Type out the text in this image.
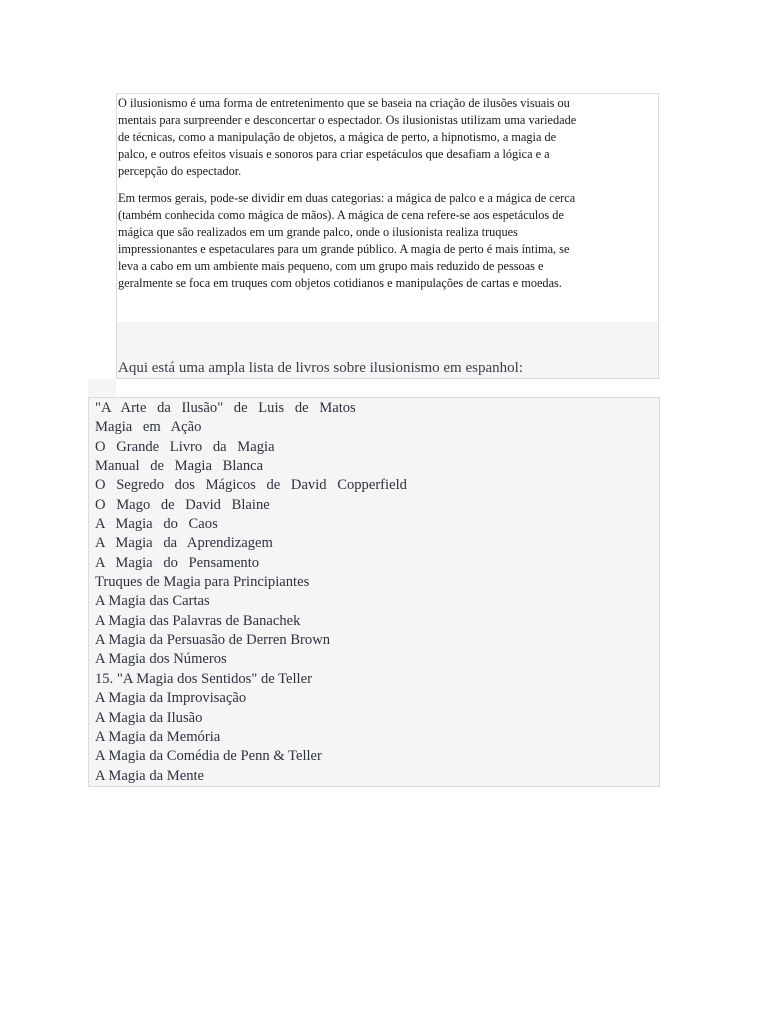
O ilusionismo é uma forma de entretenimento que se baseia na criação de ilusões visuais ou mentais para surpreender e desconcertar o espectador. Os ilusionistas utilizam uma variedade de técnicas, como a manipulação de objetos, a mágica de perto, a hipnotismo, a magia de palco, e outros efeitos visuais e sonoros para criar espetáculos que desafiam a lógica e a percepção do espectador.

Em termos gerais, pode-se dividir em duas categorias: a mágica de palco e a mágica de cerca (também conhecida como mágica de mãos). A mágica de cena refere-se aos espetáculos de mágica que são realizados em um grande palco, onde o ilusionista realiza truques impressionantes e espetaculares para um grande público. A magia de perto é mais íntima, se leva a cabo em um ambiente mais pequeno, com um grupo mais reduzido de pessoas e geralmente se foca em truques com objetos cotidianos e manipulações de cartas e moedas.

Aqui está uma ampla lista de livros sobre ilusionismo em espanhol:

"A Arte da Ilusão" de Luis de Matos
Magia em Ação
O Grande Livro da Magia
Manual de Magia Blanca
O Segredo dos Mágicos de David Copperfield
O Mago de David Blaine
A Magia do Caos
A Magia da Aprendizagem
A Magia do Pensamento
Truques de Magia para Principiantes
A Magia das Cartas
A Magia das Palavras de Banachek
A Magia da Persuasão de Derren Brown
A Magia dos Números
15. "A Magia dos Sentidos" de Teller
A Magia da Improvisação
A Magia da Ilusão
A Magia da Memória
A Magia da Comédia de Penn & Teller
A Magia da Mente
